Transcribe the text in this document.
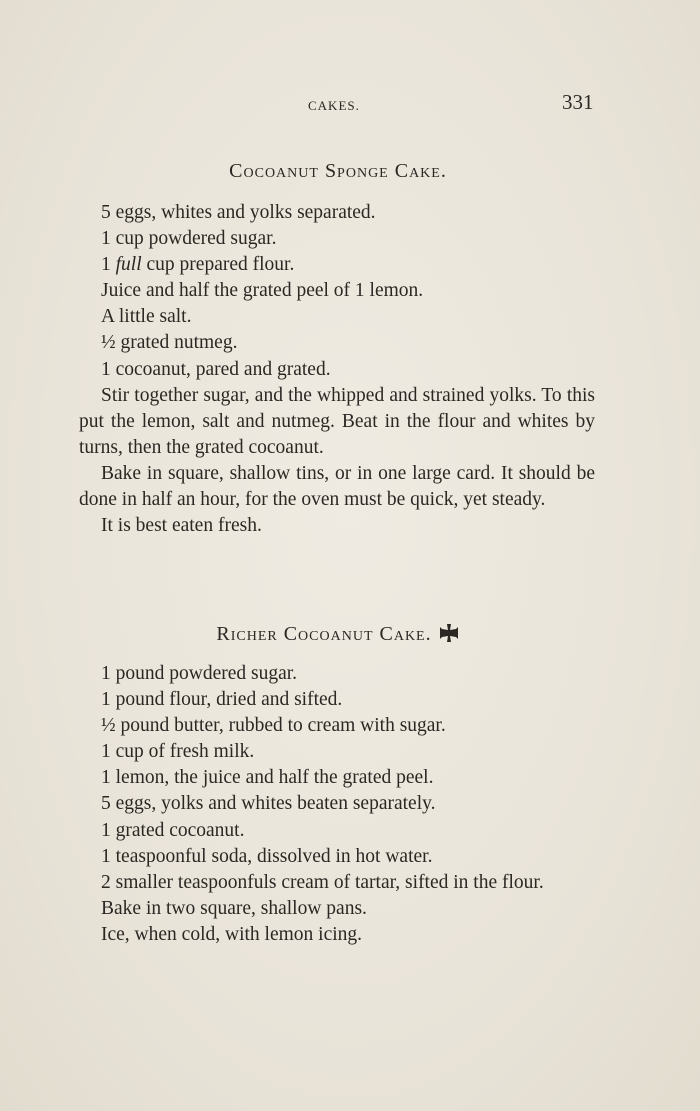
CAKES.	331
Cocoanut Sponge Cake.

5 eggs, whites and yolks separated.

1 cup powdered sugar.

1 full cup prepared flour.

Juice and half the grated peel of 1 lemon.

A little salt.

½ grated nutmeg.

1 cocoanut, pared and grated.

Stir together sugar, and the whipped and strained yolks. To this put the lemon, salt and nutmeg. Beat in the flour and whites by turns, then the grated cocoanut.

Bake in square, shallow tins, or in one large card. It should be done in half an hour, for the oven must be quick, yet steady.

It is best eaten fresh.

Richer Cocoanut Cake.

1 pound powdered sugar.

1 pound flour, dried and sifted.

½ pound butter, rubbed to cream with sugar.

1 cup of fresh milk.

1 lemon, the juice and half the grated peel.

5 eggs, yolks and whites beaten separately.

1 grated cocoanut.

1 teaspoonful soda, dissolved in hot water.

2 smaller teaspoonfuls cream of tartar, sifted in the flour.

Bake in two square, shallow pans.

Ice, when cold, with lemon icing.
